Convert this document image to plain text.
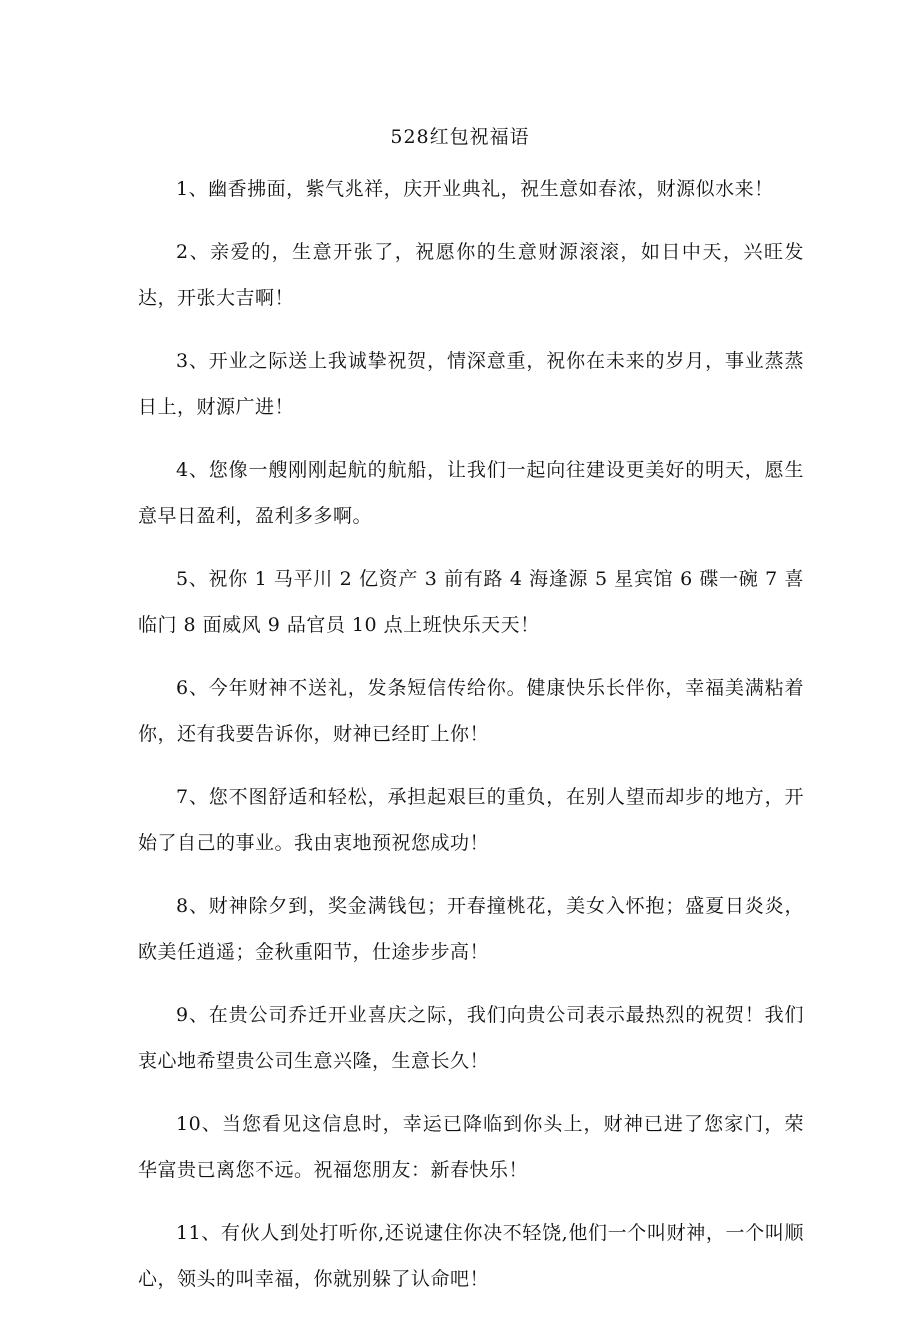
528红包祝福语

1、幽香拂面，紫气兆祥，庆开业典礼，祝生意如春浓，财源似水来！

2、亲爱的，生意开张了，祝愿你的生意财源滚滚，如日中天，兴旺发达，开张大吉啊！

3、开业之际送上我诚挚祝贺，情深意重，祝你在未来的岁月，事业蒸蒸日上，财源广进！

4、您像一艘刚刚起航的航船，让我们一起向往建设更美好的明天，愿生意早日盈利，盈利多多啊。

5、祝你 1 马平川 2 亿资产 3 前有路 4 海逢源 5 星宾馆 6 碟一碗 7 喜临门 8 面威风 9 品官员 10 点上班快乐天天！

6、今年财神不送礼，发条短信传给你。健康快乐长伴你，幸福美满粘着你，还有我要告诉你，财神已经盯上你！

7、您不图舒适和轻松，承担起艰巨的重负，在别人望而却步的地方，开始了自己的事业。我由衷地预祝您成功！

8、财神除夕到，奖金满钱包；开春撞桃花，美女入怀抱；盛夏日炎炎，欧美任逍遥；金秋重阳节，仕途步步高！

9、在贵公司乔迁开业喜庆之际，我们向贵公司表示最热烈的祝贺！我们衷心地希望贵公司生意兴隆，生意长久！

10、当您看见这信息时，幸运已降临到你头上，财神已进了您家门，荣华富贵已离您不远。祝福您朋友：新春快乐！

11、有伙人到处打听你,还说逮住你决不轻饶,他们一个叫财神，一个叫顺心，领头的叫幸福，你就别躲了认命吧！
